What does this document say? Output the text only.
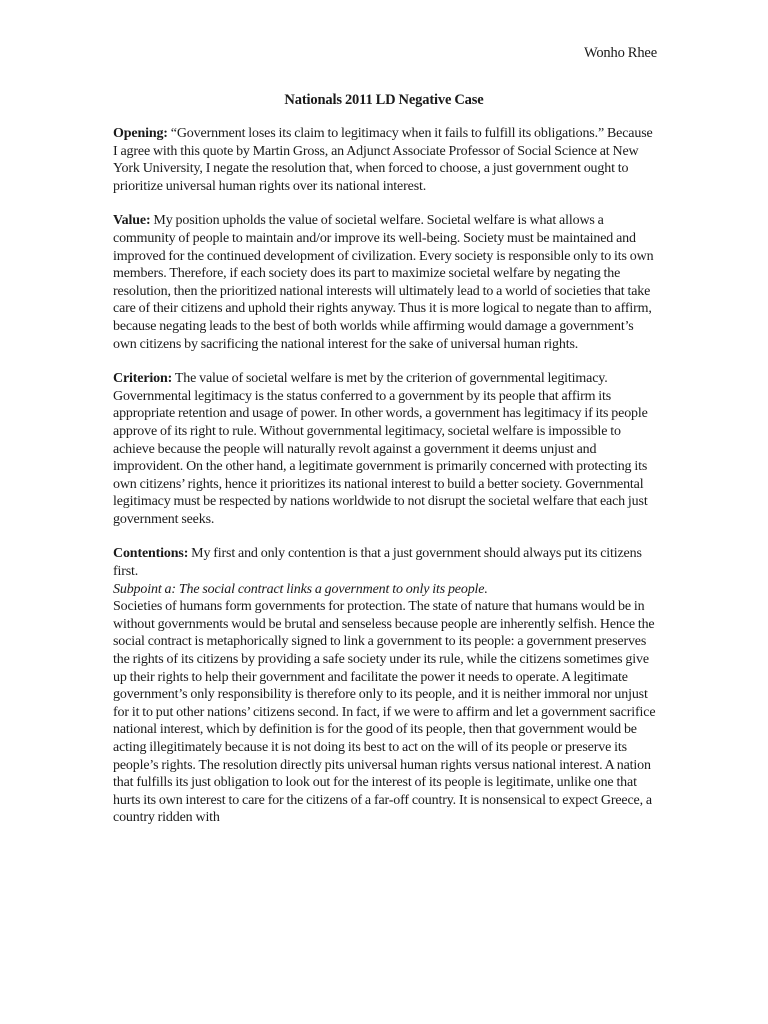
Wonho Rhee

Nationals 2011 LD Negative Case
Opening: “Government loses its claim to legitimacy when it fails to fulfill its obligations.” Because I agree with this quote by Martin Gross, an Adjunct Associate Professor of Social Science at New York University, I negate the resolution that, when forced to choose, a just government ought to prioritize universal human rights over its national interest.
Value: My position upholds the value of societal welfare. Societal welfare is what allows a community of people to maintain and/or improve its well-being. Society must be maintained and improved for the continued development of civilization. Every society is responsible only to its own members. Therefore, if each society does its part to maximize societal welfare by negating the resolution, then the prioritized national interests will ultimately lead to a world of societies that take care of their citizens and uphold their rights anyway. Thus it is more logical to negate than to affirm, because negating leads to the best of both worlds while affirming would damage a government’s own citizens by sacrificing the national interest for the sake of universal human rights.
Criterion: The value of societal welfare is met by the criterion of governmental legitimacy. Governmental legitimacy is the status conferred to a government by its people that affirm its appropriate retention and usage of power. In other words, a government has legitimacy if its people approve of its right to rule. Without governmental legitimacy, societal welfare is impossible to achieve because the people will naturally revolt against a government it deems unjust and improvident. On the other hand, a legitimate government is primarily concerned with protecting its own citizens’ rights, hence it prioritizes its national interest to build a better society. Governmental legitimacy must be respected by nations worldwide to not disrupt the societal welfare that each just government seeks.

Contentions: My first and only contention is that a just government should always put its citizens first.

Subpoint a: The social contract links a government to only its people.

Societies of humans form governments for protection. The state of nature that humans would be in without governments would be brutal and senseless because people are inherently selfish. Hence the social contract is metaphorically signed to link a government to its people: a government preserves the rights of its citizens by providing a safe society under its rule, while the citizens sometimes give up their rights to help their government and facilitate the power it needs to operate. A legitimate government’s only responsibility is therefore only to its people, and it is neither immoral nor unjust for it to put other nations’ citizens second. In fact, if we were to affirm and let a government sacrifice national interest, which by definition is for the good of its people, then that government would be acting illegitimately because it is not doing its best to act on the will of its people or preserve its people’s rights. The resolution directly pits universal human rights versus national interest. A nation that fulfills its just obligation to look out for the interest of its people is legitimate, unlike one that hurts its own interest to care for the citizens of a far-off country. It is nonsensical to expect Greece, a country ridden with
